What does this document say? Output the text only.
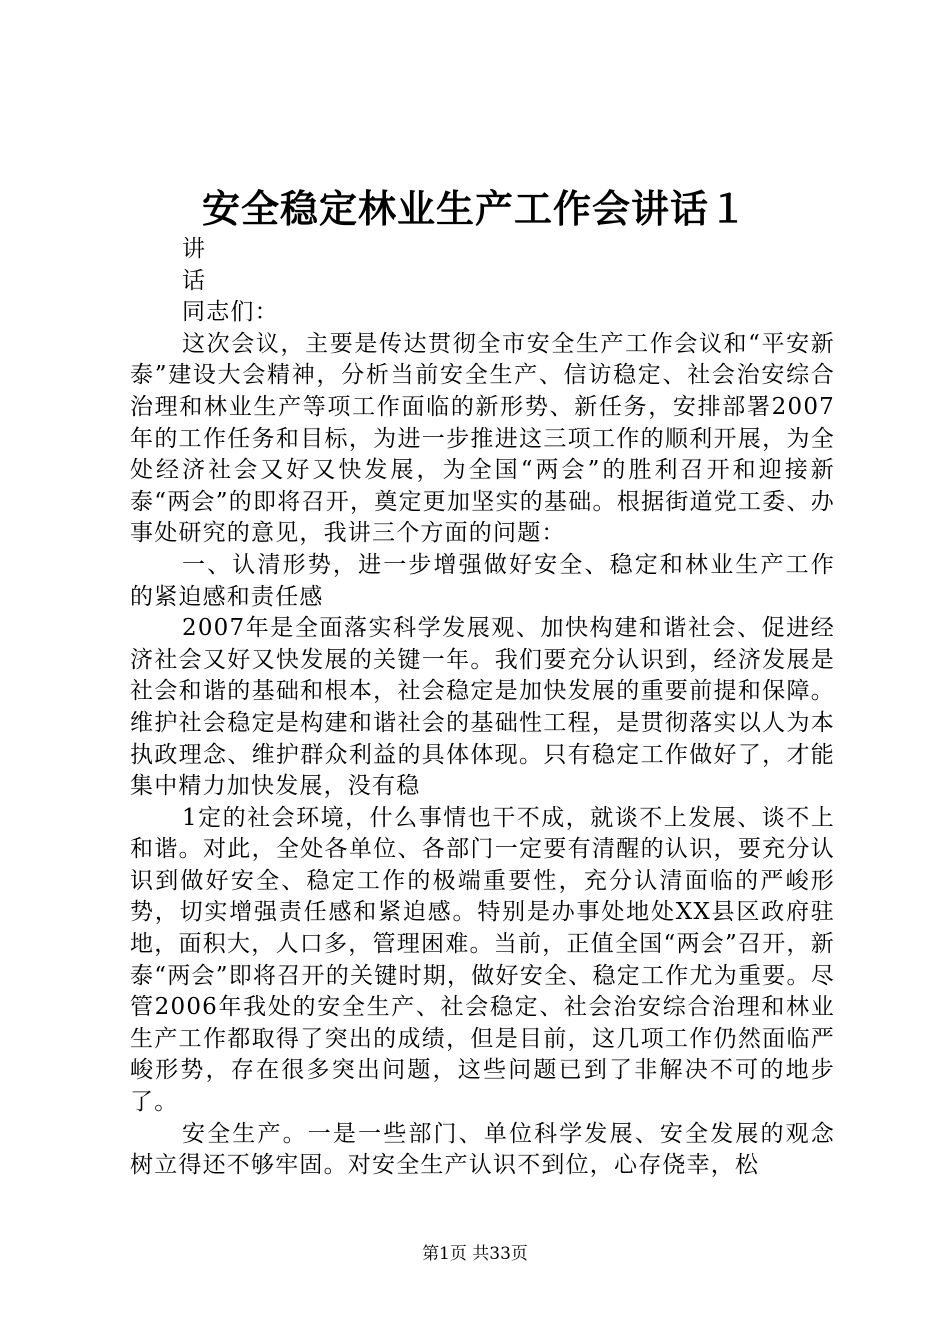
安全稳定林业生产工作会讲话１

讲

话

同志们：

这次会议，主要是传达贯彻全市安全生产工作会议和“平安新泰”建设大会精神，分析当前安全生产、信访稳定、社会治安综合治理和林业生产等项工作面临的新形势、新任务，安排部署2007年的工作任务和目标，为进一步推进这三项工作的顺利开展，为全处经济社会又好又快发展，为全国“两会”的胜利召开和迎接新泰“两会”的即将召开，奠定更加坚实的基础。根据街道党工委、办事处研究的意见，我讲三个方面的问题：

一、认清形势，进一步增强做好安全、稳定和林业生产工作的紧迫感和责任感

2007年是全面落实科学发展观、加快构建和谐社会、促进经济社会又好又快发展的关键一年。我们要充分认识到，经济发展是社会和谐的基础和根本，社会稳定是加快发展的重要前提和保障。维护社会稳定是构建和谐社会的基础性工程，是贯彻落实以人为本执政理念、维护群众利益的具体体现。只有稳定工作做好了，才能集中精力加快发展，没有稳

1定的社会环境，什么事情也干不成，就谈不上发展、谈不上和谐。对此，全处各单位、各部门一定要有清醒的认识，要充分认识到做好安全、稳定工作的极端重要性，充分认清面临的严峻形势，切实增强责任感和紧迫感。特别是办事处地处XX县区政府驻地，面积大，人口多，管理困难。当前，正值全国“两会”召开，新泰“两会”即将召开的关键时期，做好安全、稳定工作尤为重要。尽管2006年我处的安全生产、社会稳定、社会治安综合治理和林业生产工作都取得了突出的成绩，但是目前，这几项工作仍然面临严峻形势，存在很多突出问题，这些问题已到了非解决不可的地步了。

安全生产。一是一些部门、单位科学发展、安全发展的观念树立得还不够牢固。对安全生产认识不到位，心存侥幸，松

第1页 共33页
